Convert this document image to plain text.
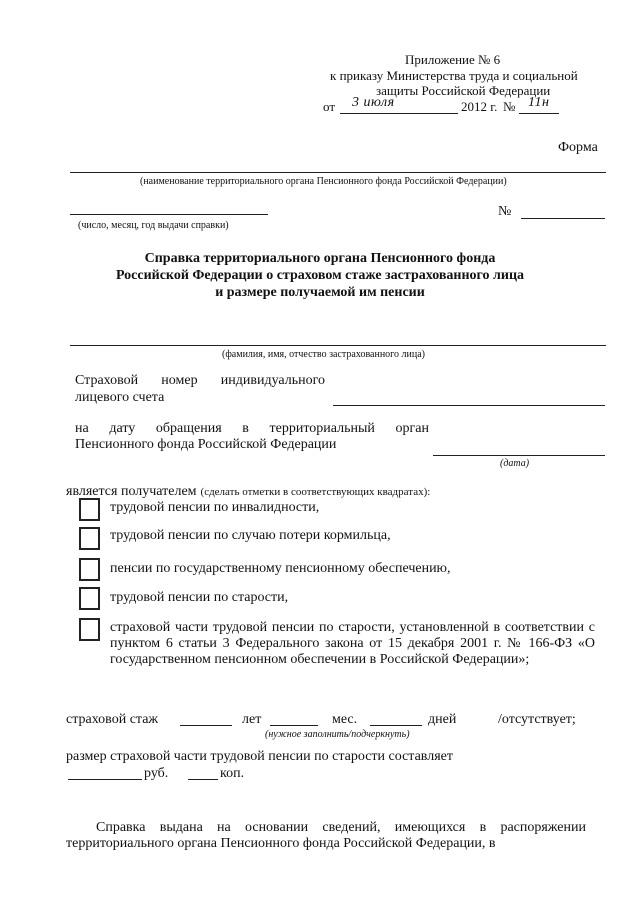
Приложение № 6
к приказу Министерства труда и социальной
защиты Российской Федерации
от 3 июля	2012 г. № 11н
Форма
(наименование территориального органа Пенсионного фонда Российской Федерации)
(число, месяц, год выдачи справки)
№
Справка территориального органа Пенсионного фонда
Российской Федерации о страховом стаже застрахованного лица
и размере получаемой им пенсии
(фамилия, имя, отчество застрахованного лица)
Страховой номер индивидуального
лицевого счета
на дату обращения в территориальный орган
Пенсионного фонда Российской Федерации
(дата)
является получателем (сделать отметки в соответствующих квадратах):
трудовой пенсии по инвалидности,
трудовой пенсии по случаю потери кормильца,
пенсии по государственному пенсионному обеспечению,
трудовой пенсии по старости,
страховой части трудовой пенсии по старости, установленной в соответствии с пунктом 6 статьи 3 Федерального закона от 15 декабря 2001 г. № 166-ФЗ «О государственном пенсионном обеспечении в Российской Федерации»;
страховой стаж	лет	мес.	дней	/отсутствует;
(нужное заполнить/подчеркнуть)
размер страховой части трудовой пенсии по старости составляет
руб.	коп.
Справка выдана на основании сведений, имеющихся в распоряжении территориального органа Пенсионного фонда Российской Федерации, в
